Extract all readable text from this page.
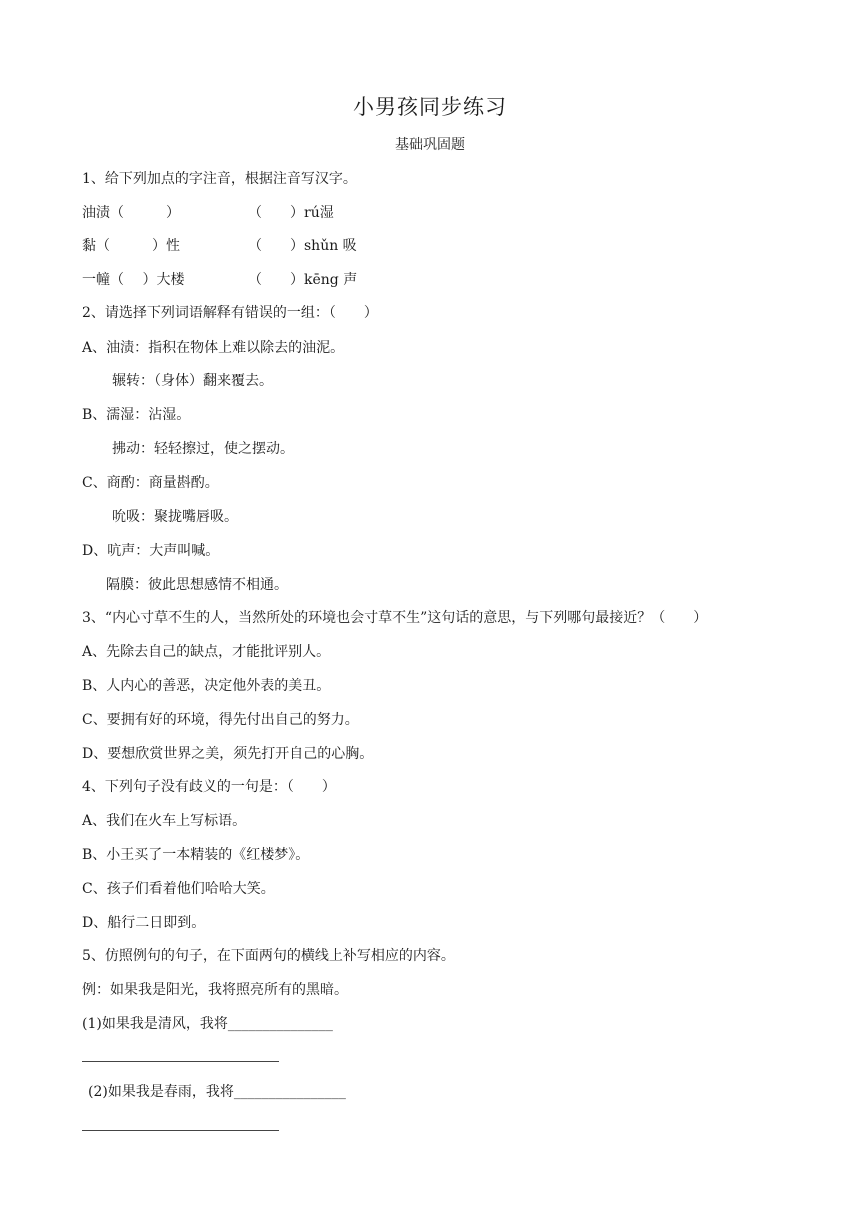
小男孩同步练习
基础巩固题
1、给下列加点的字注音，根据注音写汉字。
油渍（　　　）	（　　）rú湿
黏（　　　）性	（　　）shǔn 吸
一幢（　 ）大楼	（　　）kēng 声
2、请选择下列词语解释有错误的一组：（　　）
A、油渍：指积在物体上难以除去的油泥。
辗转：（身体）翻来覆去。
B、濡湿：沾湿。
拂动：轻轻擦过，使之摆动。
C、商酌：商量斟酌。
吮吸：聚拢嘴唇吸。
D、吭声：大声叫喊。
隔膜：彼此思想感情不相通。
3、“内心寸草不生的人，当然所处的环境也会寸草不生”这句话的意思，与下列哪句最接近？（　　）
A、先除去自己的缺点，才能批评别人。
B、人内心的善恶，决定他外表的美丑。
C、要拥有好的环境，得先付出自己的努力。
D、要想欣赏世界之美，须先打开自己的心胸。
4、下列句子没有歧义的一句是：（　　）
A、我们在火车上写标语。
B、小王买了一本精装的《红楼梦》。
C、孩子们看着他们哈哈大笑。
D、船行二日即到。
5、仿照例句的句子，在下面两句的横线上补写相应的内容。
例：如果我是阳光，我将照亮所有的黑暗。
(1)如果我是清风，我将_______________
(2)如果我是春雨，我将________________
